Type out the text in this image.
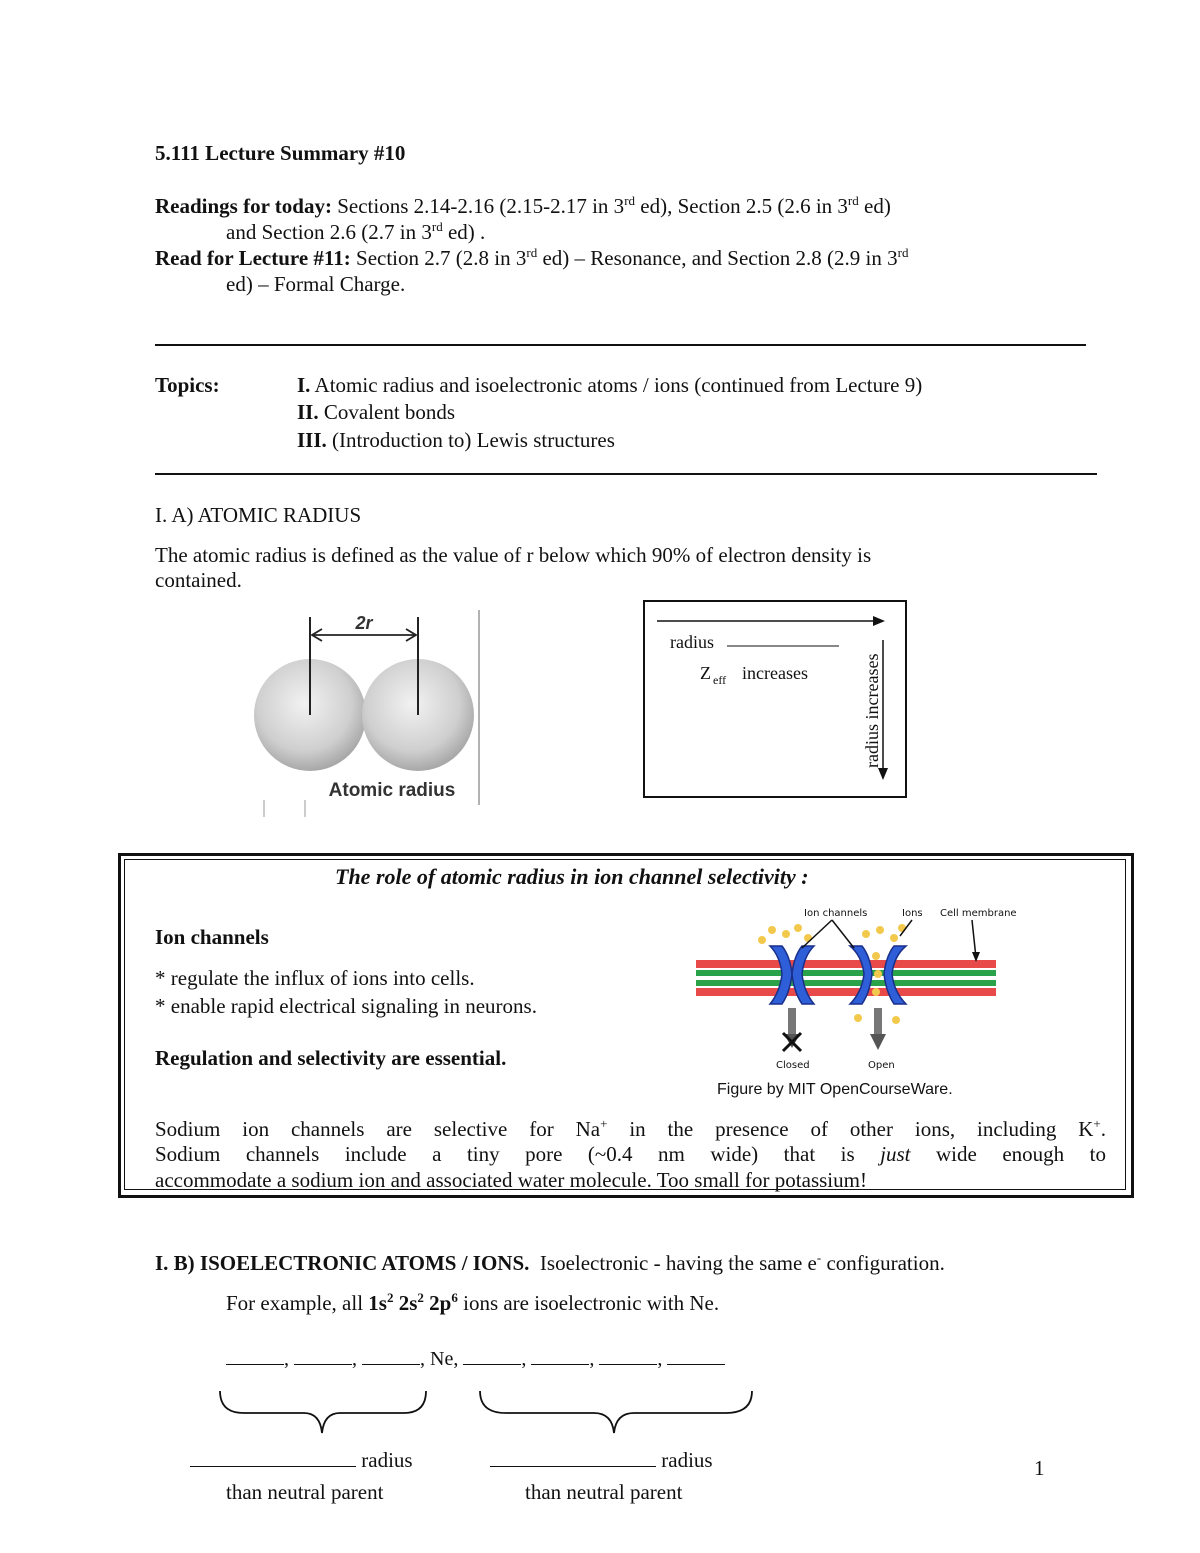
5.111 Lecture Summary #10
Readings for today: Sections 2.14-2.16 (2.15-2.17 in 3rd ed), Section 2.5 (2.6 in 3rd ed)
and Section 2.6 (2.7 in 3rd ed) .
Read for Lecture #11: Section 2.7 (2.8 in 3rd ed) – Resonance, and Section 2.8 (2.9 in 3rd
ed) – Formal Charge.
Topics:	I. Atomic radius and isoelectronic atoms / ions (continued from Lecture 9)
II. Covalent bonds
III. (Introduction to) Lewis structures
I. A) ATOMIC RADIUS
The atomic radius is defined as the value of r below which 90% of electron density is
contained.
2r
Atomic radius
radius
Z eff increases	radius increases
The role of atomic radius in ion channel selectivity :
Ion channels
* regulate the influx of ions into cells.
* enable rapid electrical signaling in neurons.
Regulation and selectivity are essential.
Ion channels	Ions Cell membrane
Closed	Open
Figure by MIT OpenCourseWare.
Sodium ion channels are selective for Na+ in the presence of other ions, including K+.
Sodium channels include a tiny pore (~0.4 nm wide) that is just wide enough to
accommodate a sodium ion and associated water molecule. Too small for potassium!
I. B) ISOELECTRONIC ATOMS / IONS. Isoelectronic - having the same e- configuration.
For example, all $1s^2$ $2s^2$ $2p^6$ ions are isoelectronic with Ne.
,	,	, Ne,	,	,	,
radius	radius
than neutral parent	than neutral parent
1
